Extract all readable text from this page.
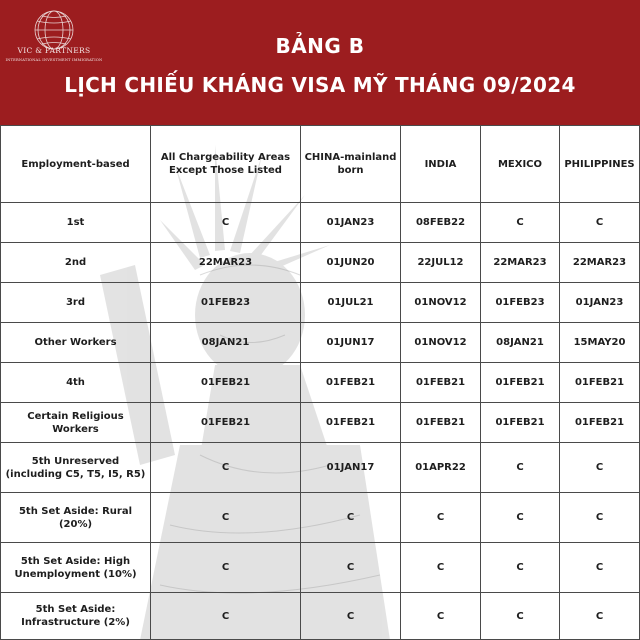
VIC & PARTNERS
INTERNATIONAL INVESTMENT IMMIGRATION
BẢNG B
LỊCH CHIẾU KHÁNG VISA MỸ THÁNG 09/2024
Employment-based	All Chargeability Areas Except Those Listed	CHINA-mainland born	INDIA	MEXICO	PHILIPPINES
1st	C	01JAN23	08FEB22	C	C
2nd	22MAR23	01JUN20	22JUL12	22MAR23	22MAR23
3rd	01FEB23	01JUL21	01NOV12	01FEB23	01JAN23
Other Workers	08JAN21	01JUN17	01NOV12	08JAN21	15MAY20
4th	01FEB21	01FEB21	01FEB21	01FEB21	01FEB21
Certain Religious Workers	01FEB21	01FEB21	01FEB21	01FEB21	01FEB21
5th Unreserved (including C5, T5, I5, R5)	C	01JAN17	01APR22	C	C
5th Set Aside: Rural (20%)	C	C	C	C	C
5th Set Aside: High Unemployment (10%)	C	C	C	C	C
5th Set Aside: Infrastructure (2%)	C	C	C	C	C
